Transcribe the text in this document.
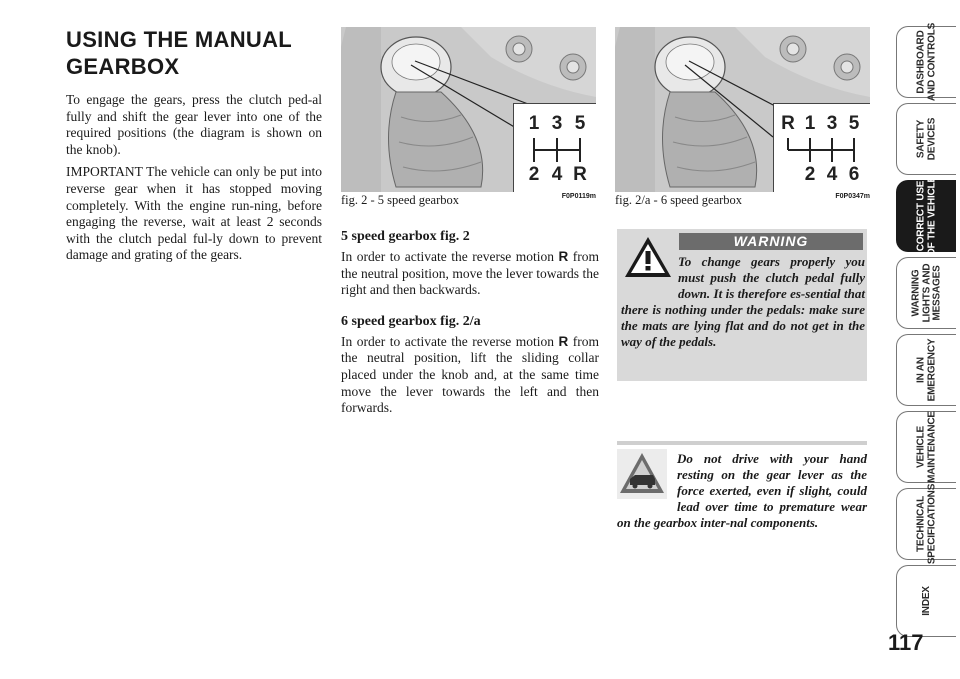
USING THE MANUAL GEARBOX

To engage the gears, press the clutch ped-al fully and shift the gear lever into one of the required positions (the diagram is shown on the knob).

IMPORTANT The vehicle can only be put into reverse gear when it has stopped moving completely. With the engine run-ning, before engaging the reverse, wait at least 2 seconds with the clutch pedal ful-ly down to prevent damage and grating of the gears.

1 3 5
2 4 R
fig. 2 - 5 speed gearbox	F0P0119m
R 1 3 5
2 4 6
fig. 2/a - 6 speed gearbox	F0P0347m
5 speed gearbox fig. 2

In order to activate the reverse motion R from the neutral position, move the lever towards the right and then backwards.

6 speed gearbox fig. 2/a

In order to activate the reverse motion R from the neutral position, lift the sliding collar placed under the knob and, at the same time move the lever towards the left and then forwards.

WARNING
To change gears properly you must push the clutch pedal fully down. It is therefore es-sential that there is nothing under the pedals: make sure the mats are lying flat and do not get in the way of the pedals.
Do not drive with your hand resting on the gear lever as the force exerted, even if slight, could lead over time to premature wear on the gearbox inter-nal components.
DASHBOARD
AND CONTROLS
SAFETY
DEVICES
CORRECT USE
OF THE VEHICLE
WARNING
LIGHTS AND
MESSAGES
IN AN
EMERGENCY
VEHICLE
MAINTENANCE
TECHNICAL
SPECIFICATIONS
INDEX
117
